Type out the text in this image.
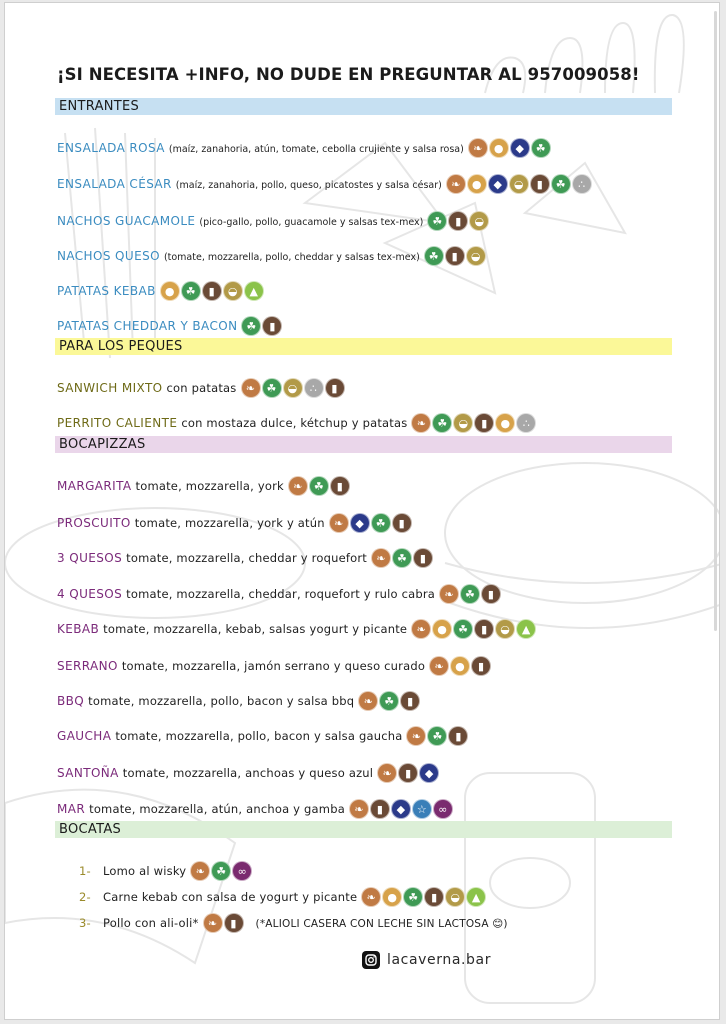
¡SI NECESITA +INFO, NO DUDE EN PREGUNTAR AL 957009058!
ENTRANTES
ENSALADA ROSA (maíz, zanahoria, atún, tomate, cebolla crujiente y salsa rosa) ❧	●	◆	☘
ENSALADA CÉSAR (maíz, zanahoria, pollo, queso, picatostes y salsa césar) ❧	●	◆	◒	▮	☘	∴
NACHOS GUACAMOLE (pico-gallo, pollo, guacamole y salsas tex-mex) ☘	▮	◒
NACHOS QUESO (tomate, mozzarella, pollo, cheddar y salsas tex-mex) ☘	▮	◒
PATATAS KEBAB ●	☘	▮	◒	▲
PATATAS CHEDDAR Y BACON ☘	▮
PARA LOS PEQUES
SANWICH MIXTO con patatas ❧	☘	◒	∴	▮
PERRITO CALIENTE con mostaza dulce, kétchup y patatas ❧	☘	◒	▮	●	∴
BOCAPIZZAS
MARGARITA tomate, mozzarella, york ❧	☘	▮
PROSCUITO tomate, mozzarella, york y atún ❧	◆	☘	▮
3 QUESOS tomate, mozzarella, cheddar y roquefort ❧	☘	▮
4 QUESOS tomate, mozzarella, cheddar, roquefort y rulo cabra ❧	☘	▮
KEBAB tomate, mozzarella, kebab, salsas yogurt y picante ❧	●	☘	▮	◒	▲
SERRANO tomate, mozzarella, jamón serrano y queso curado ❧	●	▮
BBQ tomate, mozzarella, pollo, bacon y salsa bbq ❧	☘	▮
GAUCHA tomate, mozzarella, pollo, bacon y salsa gaucha ❧	☘	▮
SANTOÑA tomate, mozzarella, anchoas y queso azul ❧	▮	◆
MAR tomate, mozzarella, atún, anchoa y gamba ❧	▮	◆	☆	∞
BOCATAS
1-	Lomo al wisky ❧	☘	∞
2-	Carne kebab con salsa de yogurt y picante ❧	●	☘	▮	◒	▲
3-	Pollo con ali-oli* ❧	▮	(*ALIOLI CASERA CON LECHE SIN LACTOSA 😊)
lacaverna.bar
